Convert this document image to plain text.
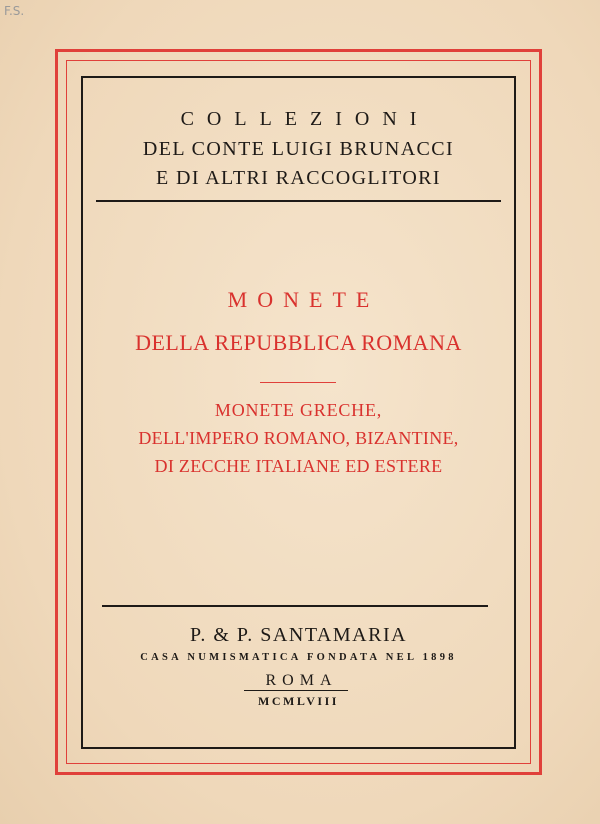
F.S.
COLLEZIONI
DEL CONTE LUIGI BRUNACCI
E DI ALTRI RACCOGLITORI
MONETE
DELLA REPUBBLICA ROMANA
MONETE GRECHE,
DELL'IMPERO ROMANO, BIZANTINE,
DI ZECCHE ITALIANE ED ESTERE
P. & P. SANTAMARIA
CASA NUMISMATICA FONDATA NEL 1898
ROMA
MCMLVIII
